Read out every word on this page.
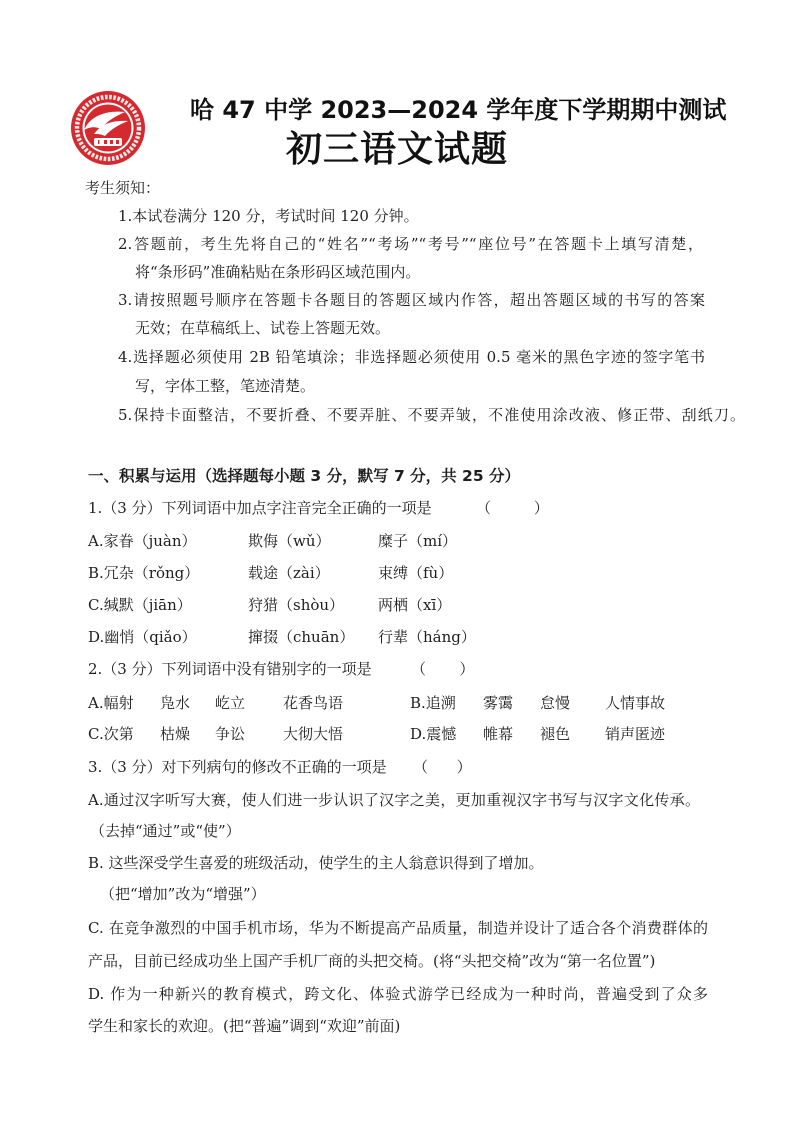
哈 47 中学 2023—2024 学年度下学期期中测试
初三语文试题
考生须知：
1.本试卷满分 120 分，考试时间 120 分钟。
2.答题前，考生先将自己的“姓名”“考场”“考号”“座位号”在答题卡上填写清楚，
将“条形码”准确粘贴在条形码区域范围内。
3.请按照题号顺序在答题卡各题目的答题区域内作答，超出答题区域的书写的答案
无效；在草稿纸上、试卷上答题无效。
4.选择题必须使用 2B 铅笔填涂；非选择题必须使用 0.5 毫米的黑色字迹的签字笔书
写，字体工整，笔迹清楚。
5.保持卡面整洁，不要折叠、不要弄脏、不要弄皱，不准使用涂改液、修正带、刮纸刀。
一、积累与运用（选择题每小题 3 分，默写 7 分，共 25 分）
1.（3 分）下列词语中加点字注音完全正确的一项是	（         ）
A.家眷（juàn）	欺侮（wǔ）	糜子（mí）
B.冗杂（rǒng）	载途（zài）	束缚（fù）
C.缄默（jiān）	狩猎（shòu） 两栖（xī）
D.幽悄（qiǎo）	撺掇（chuān） 行辈（háng）
2.（3 分）下列词语中没有错别字的一项是	（       ）
A.幅射 凫水 屹立	花香鸟语	B.追溯 雾霭 怠慢 人情事故
C.次第 枯燥 争讼	大彻大悟	D.震憾 帷幕 褪色 销声匿迹
3.（3 分）对下列病句的修改不正确的一项是 （      ）
A.通过汉字听写大赛，使人们进一步认识了汉字之美，更加重视汉字书写与汉字文化传承。
（去掉“通过”或“使”）
B. 这些深受学生喜爱的班级活动，使学生的主人翁意识得到了增加。
（把“增加”改为“增强”）
C. 在竞争激烈的中国手机市场，华为不断提高产品质量，制造并设计了适合各个消费群体的
产品，目前已经成功坐上国产手机厂商的头把交椅。(将“头把交椅”改为“第一名位置”)
D. 作为一种新兴的教育模式，跨文化、体验式游学已经成为一种时尚，普遍受到了众多
学生和家长的欢迎。(把“普遍”调到“欢迎”前面)
